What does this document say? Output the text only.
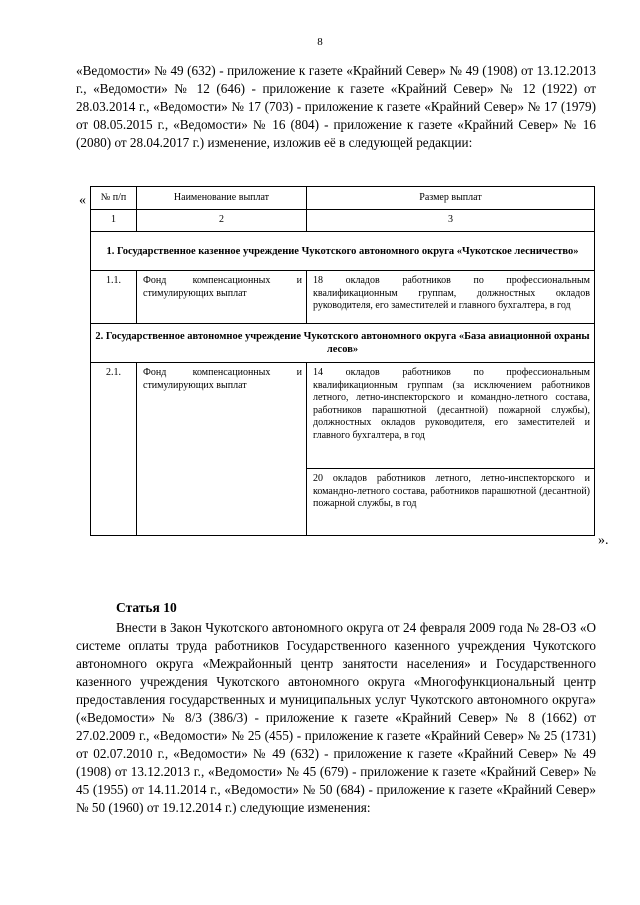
8
«Ведомости» № 49 (632) - приложение к газете «Крайний Север» № 49 (1908) от 13.12.2013 г., «Ведомости» № 12 (646) - приложение к газете «Крайний Север» № 12 (1922) от 28.03.2014 г., «Ведомости» № 17 (703) - приложение к газете «Крайний Север» № 17 (1979) от 08.05.2015 г., «Ведомости» № 16 (804) - приложение к газете «Крайний Север» № 16 (2080) от 28.04.2017 г.) изменение, изложив её в следующей редакции:
« № п/п	Наименование выплат	Размер выплат
1	2	3
1. Государственное казенное учреждение Чукотского автономного округа «Чукотское лесничество»		
1.1.	Фонд компенсационных и стимулирующих выплат	18 окладов работников по профессиональным квалификационным группам, должностных окладов руководителя, его заместителей и главного бухгалтера, в год
2. Государственное автономное учреждение Чукотского автономного округа «База авиационной охраны лесов»		
2.1.	Фонд компенсационных и стимулирующих выплат	14 окладов работников по профессиональным квалификационным группам (за исключением работников летного, летно-инспекторского и командно-летного состава, работников парашютной (десантной) пожарной службы), должностных окладов руководителя, его заместителей и главного бухгалтера, в год
		20 окладов работников летного, летно-инспекторского и командно-летного состава, работников парашютной (десантной) пожарной службы, в год
».
Статья 10
Внести в Закон Чукотского автономного округа от 24 февраля 2009 года № 28-ОЗ «О системе оплаты труда работников Государственного казенного учреждения Чукотского автономного округа «Межрайонный центр занятости населения» и Государственного казенного учреждения Чукотского автономного округа «Многофункциональный центр предоставления государственных и муниципальных услуг Чукотского автономного округа» («Ведомости» № 8/3 (386/3) - приложение к газете «Крайний Север» № 8 (1662) от 27.02.2009 г., «Ведомости» № 25 (455) - приложение к газете «Крайний Север» № 25 (1731) от 02.07.2010 г., «Ведомости» № 49 (632) - приложение к газете «Крайний Север» № 49 (1908) от 13.12.2013 г., «Ведомости» № 45 (679) - приложение к газете «Крайний Север» № 45 (1955) от 14.11.2014 г., «Ведомости» № 50 (684) - приложение к газете «Крайний Север» № 50 (1960) от 19.12.2014 г.) следующие изменения:
